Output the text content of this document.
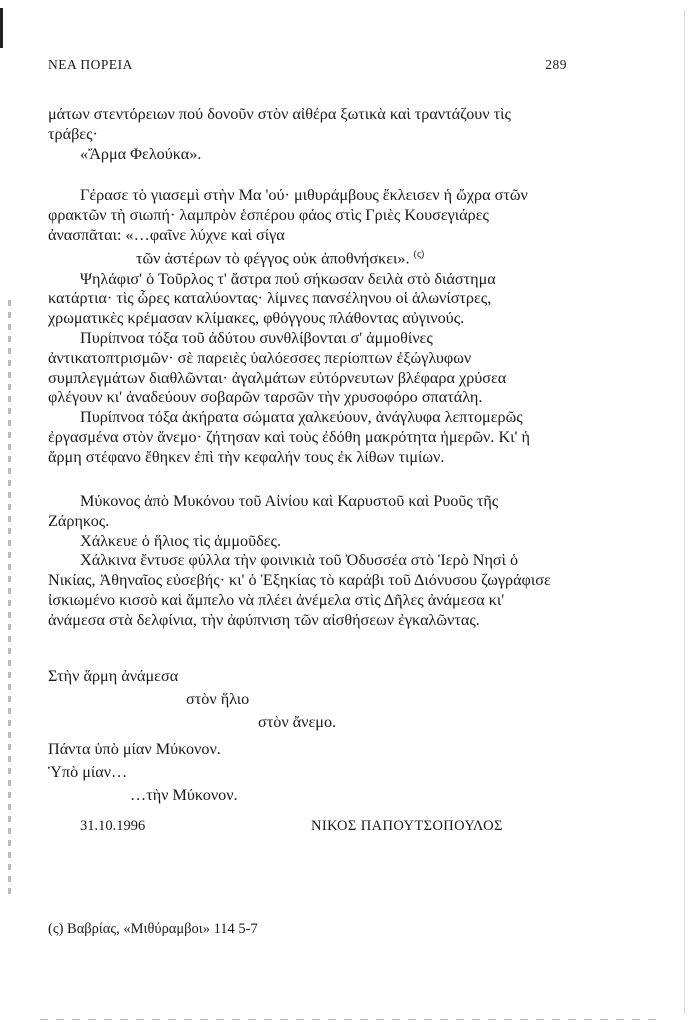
ΝΕΑ ΠΟΡΕΙΑ	289

μάτων στεντόρειων πού δονοῦν στὸν αἰθέρα ξωτικὰ καὶ τραντάζουν τὶς τράβες·

«Ἄρμα Φελούκα».

Γέρασε τὸ γιασεμὶ στὴν Μα 'ού· μιθυράμβους ἔκλεισεν ἡ ὤχρα στῶν φρακτῶν τὴ σιωπή· λαμπρὸν ἑσπέρου φάος στὶς Γριὲς Κουσεγιάρες ἀνασπᾶται: «…φαῖνε λύχνε καὶ σίγα

τῶν ἀστέρων τὸ φέγγος οὐκ ἀποθνήσκει». $^{(\varsigma)}$

Ψηλάφισ' ὁ Τοῦρλος τ' ἄστρα πού σήκωσαν δειλὰ στὸ διάστημα κατάρτια· τὶς ὧρες καταλύοντας· λίμνες πανσέληνου οἱ ἁλωνίστρες, χρωματικὲς κρέμασαν κλίμακες, φθόγγους πλάθοντας αὐγινούς.

Πυρίπνοα τόξα τοῦ ἀδύτου συνθλίβονται σ' ἀμμοθίνες ἀντικατοπτρισμῶν· σὲ παρειὲς ὑαλόεσσες περίοπτων ἐξώγλυφων συμπλεγμάτων διαθλῶνται· ἀγαλμάτων εὐτόρνευτων βλέφαρα χρύσεα φλέγουν κι' ἀναδεύουν σοβαρῶν ταρσῶν τὴν χρυσοφόρο σπατάλη.

Πυρίπνοα τόξα ἀκήρατα σώματα χαλκεύουν, ἀνάγλυφα λεπτομερῶς ἐργασμένα στὸν ἄνεμο· ζήτησαν καὶ τοὺς ἐδόθη μακρότητα ἡμερῶν. Κι' ἡ ἄρμη στέφανο ἔθηκεν ἐπὶ τὴν κεφαλήν τους ἐκ λίθων τιμίων.

Μύκονος ἀπὸ Μυκόνου τοῦ Αἰνίου καὶ Καρυστοῦ καὶ Ρυοῦς τῆς Ζάρηκος.

Χάλκευε ὁ ἥλιος τὶς ἀμμοῦδες.

Χάλκινα ἔντυσε φύλλα τὴν φοινικιὰ τοῦ Ὀδυσσέα στὸ Ἱερὸ Νησὶ ὁ Νικίας, Ἀθηναῖος εὐσεβής· κι' ὁ Ἐξηκίας τὸ καράβι τοῦ Διόνυσου ζωγράφισε ἰσκιωμένο κισσὸ καὶ ἄμπελο νὰ πλέει ἀνέμελα στὶς Δῆλες ἀνάμεσα κι' ἀνάμεσα στὰ δελφίνια, τὴν ἀφύπνιση τῶν αἰσθήσεων ἐγκαλῶντας.

Στὴν ἅρμη ἀνάμεσα
στὸν ἥλιο
στὸν ἄνεμο.
Πάντα ὑπὸ μίαν Μύκονον.
Ὑπὸ μίαν…
…τὴν Μύκονον.
31.10.1996	ΝΙΚΟΣ ΠΑΠΟΥΤΣΟΠΟΥΛΟΣ
(ς) Βαβρίας, «Μιθύραμβοι» 114 5-7
